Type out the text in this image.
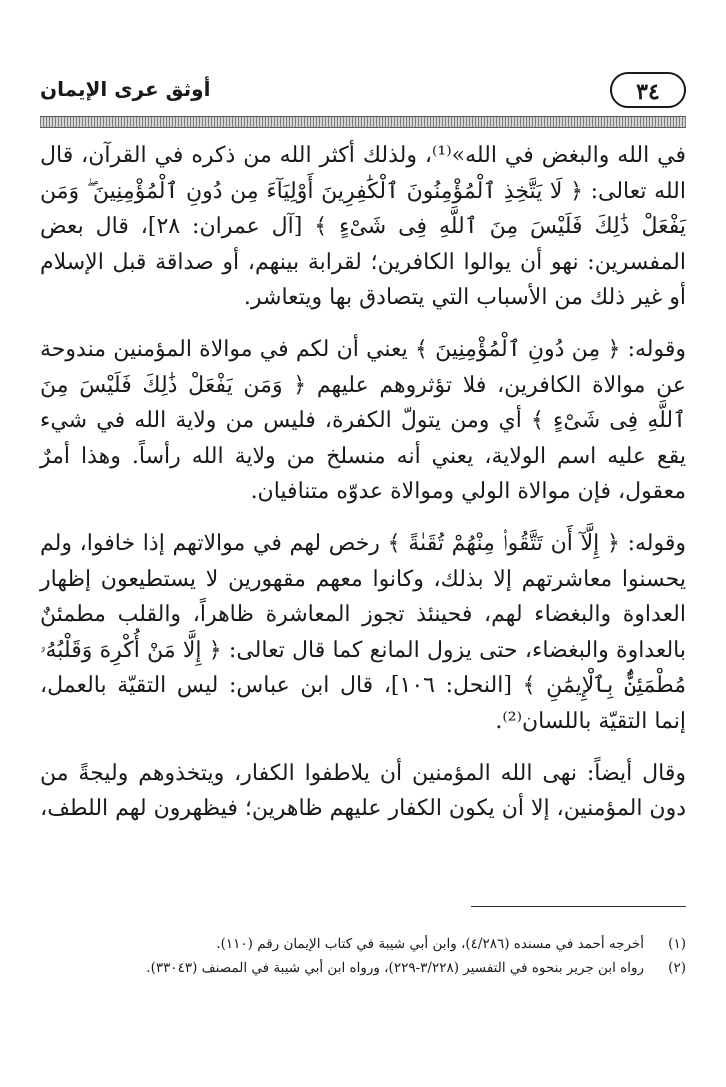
٣٤
أوثق عرى الإيمان

في الله والبغض في الله»⁽¹⁾، ولذلك أكثر الله من ذكره في القرآن، قال الله تعالى: ﴿ لَا يَتَّخِذِ ٱلْمُؤْمِنُونَ ٱلْكَٰفِرِينَ أَوْلِيَآءَ مِن دُونِ ٱلْمُؤْمِنِينَ ۖ وَمَن يَفْعَلْ ذَٰلِكَ فَلَيْسَ مِنَ ٱللَّهِ فِى شَىْءٍ ﴾ [آل عمران: ٢٨]، قال بعض المفسرين: نهو أن يوالوا الكافرين؛ لقرابة بينهم، أو صداقة قبل الإسلام أو غير ذلك من الأسباب التي يتصادق بها ويتعاشر.

وقوله: ﴿ مِن دُونِ ٱلْمُؤْمِنِينَ ﴾ يعني أن لكم في موالاة المؤمنين مندوحة عن موالاة الكافرين، فلا تؤثروهم عليهم ﴿ وَمَن يَفْعَلْ ذَٰلِكَ فَلَيْسَ مِنَ ٱللَّهِ فِى شَىْءٍ ﴾ أي ومن يتولّ الكفرة، فليس من ولاية الله في شيء يقع عليه اسم الولاية، يعني أنه منسلخ من ولاية الله رأساً. وهذا أمرٌ معقول، فإن موالاة الولي وموالاة عدوّه متنافيان.

وقوله: ﴿ إِلَّآ أَن تَتَّقُوا۟ مِنْهُمْ تُقَىٰةً ﴾ رخص لهم في موالاتهم إذا خافوا، ولم يحسنوا معاشرتهم إلا بذلك، وكانوا معهم مقهورين لا يستطيعون إظهار العداوة والبغضاء لهم، فحينئذ تجوز المعاشرة ظاهراً، والقلب مطمئنٌ بالعداوة والبغضاء، حتى يزول المانع كما قال تعالى: ﴿ إِلَّا مَنْ أُكْرِهَ وَقَلْبُهُۥ مُطْمَئِنٌّۢ بِٱلْإِيمَٰنِ ﴾ [النحل: ١٠٦]، قال ابن عباس: ليس التقيّة بالعمل، إنما التقيّة باللسان⁽²⁾.

وقال أيضاً: نهى الله المؤمنين أن يلاطفوا الكفار، ويتخذوهم وليجةً من دون المؤمنين، إلا أن يكون الكفار عليهم ظاهرين؛ فيظهرون لهم اللطف،

(١)
أخرجه أحمد في مسنده (٤/٢٨٦)، وابن أبي شيبة في كتاب الإيمان رقم (١١٠).
(٢)
رواه ابن جرير بنحوه في التفسير (٣/٢٢٨-٢٢٩)، ورواه ابن أبي شيبة في المصنف (٣٣٠٤٣).
